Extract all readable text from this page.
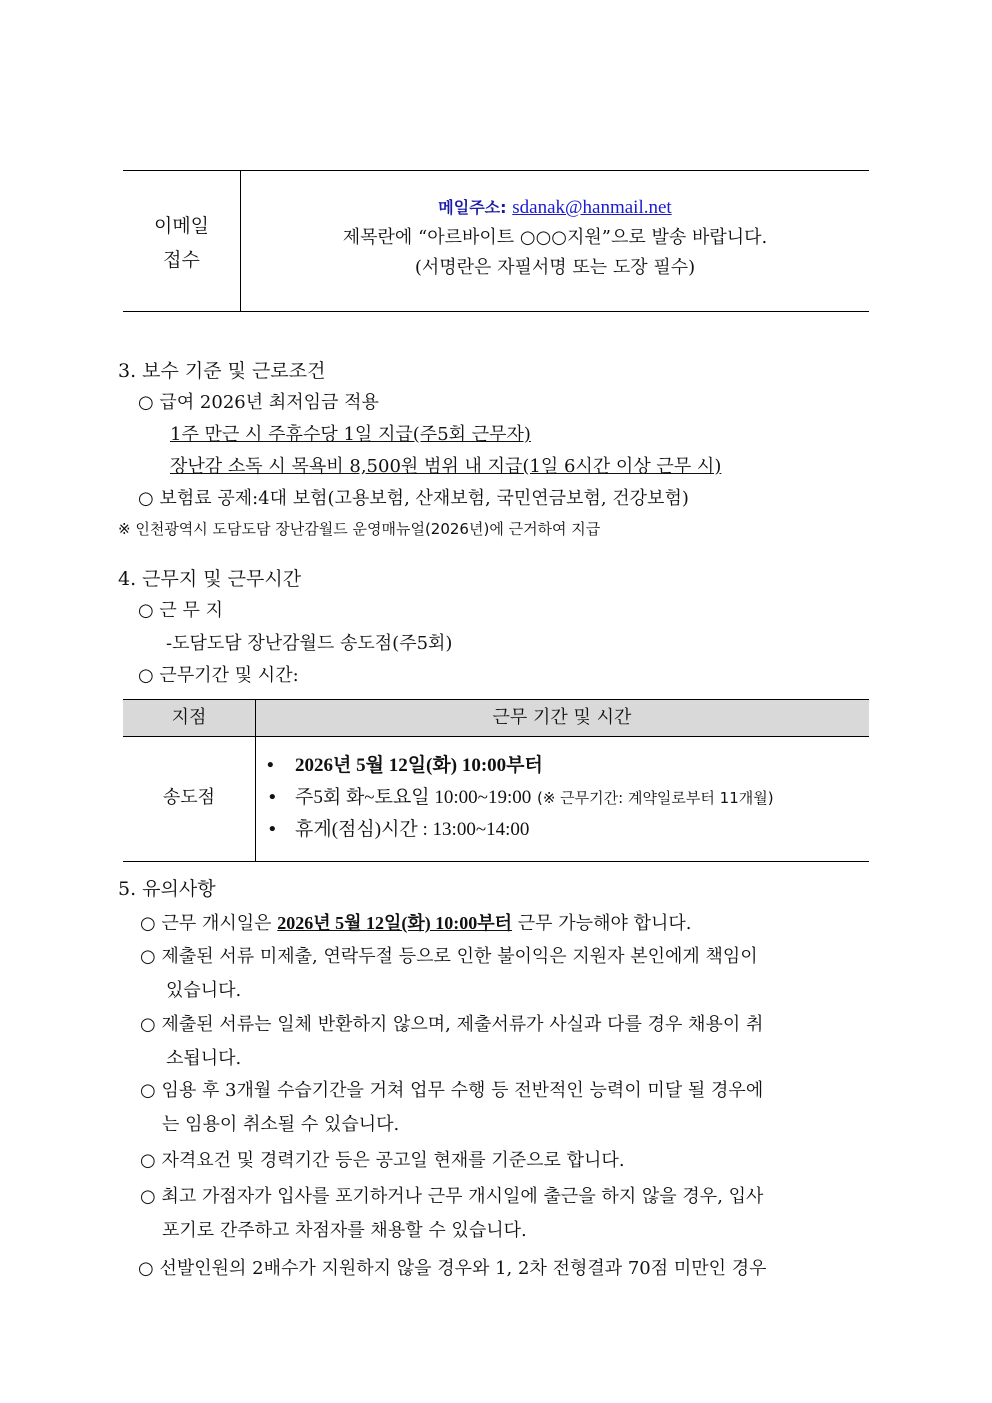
이메일
접수
메일주소: sdanak@hanmail.net
제목란에 “아르바이트 ○○○지원”으로 발송 바랍니다.
(서명란은 자필서명 또는 도장 필수)
3. 보수 기준 및 근로조건
○ 급여 2026년 최저임금 적용
1주 만근 시 주휴수당 1일 지급(주5회 근무자)
장난감 소독 시 목욕비 8,500원 범위 내 지급(1일 6시간 이상 근무 시)
○ 보험료 공제:4대 보험(고용보험, 산재보험, 국민연금보험, 건강보험)
※ 인천광역시 도담도담 장난감월드 운영매뉴얼(2026년)에 근거하여 지급
4. 근무지 및 근무시간
○ 근 무 지
-도담도담 장난감월드 송도점(주5회)
○ 근무기간 및 시간:
지점	근무 기간 및 시간
송도점
• 2026년 5월 12일(화) 10:00부터
• 주5회 화~토요일 10:00~19:00 (※ 근무기간: 계약일로부터 11개월)
• 휴게(점심)시간 : 13:00~14:00
5. 유의사항
○ 근무 개시일은 2026년 5월 12일(화) 10:00부터 근무 가능해야 합니다.
○ 제출된 서류 미제출, 연락두절 등으로 인한 불이익은 지원자 본인에게 책임이
있습니다.
○ 제출된 서류는 일체 반환하지 않으며, 제출서류가 사실과 다를 경우 채용이 취
소됩니다.
○ 임용 후 3개월 수습기간을 거쳐 업무 수행 등 전반적인 능력이 미달 될 경우에
는 임용이 취소될 수 있습니다.
○ 자격요건 및 경력기간 등은 공고일 현재를 기준으로 합니다.
○ 최고 가점자가 입사를 포기하거나 근무 개시일에 출근을 하지 않을 경우, 입사
포기로 간주하고 차점자를 채용할 수 있습니다.
○ 선발인원의 2배수가 지원하지 않을 경우와 1, 2차 전형결과 70점 미만인 경우
